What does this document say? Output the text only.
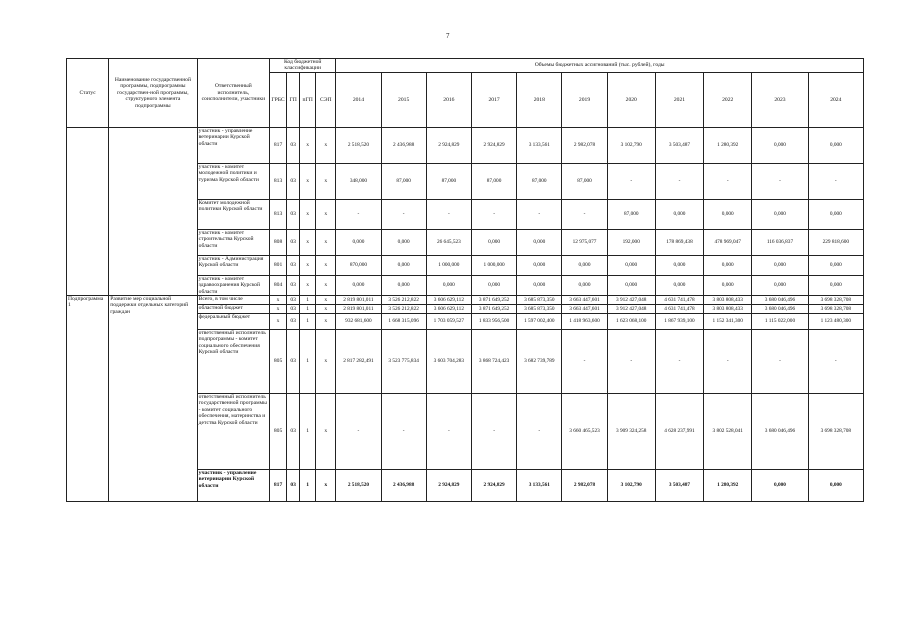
7
Статус	Наименование государственной программы, подпрограммы государствен-ной программы, структурного элемента подпрограммы	Ответственный исполнитель, соисполнители, участники	Код бюджетной классификации				Объемы бюджетных ассигнований (тыс. рублей), годы										
			ГРБС	ГП	пГП	СЭП	2014	2015	2016	2017	2018	2019	2020	2021	2022	2023	2024
		участник - управление ветеринарии Курской области	817	03	x	x	2 518,520	2 436,988	2 924,829	2 924,829	3 133,561	2 982,078	3 102,790	3 503,487	1 280,392	0,000	0,000
		участник - комитет молодежной политики и туризма Курской области	813	03	x	x	348,000	87,000	87,000	87,000	87,000	87,000	-	-	-	-	-
		Комитет молодежной политики Курской области	813	03	x	x	-	-	-	-	-	-	87,000	0,000	0,000	0,000	0,000
		участник - комитет строительства Курской области	808	03	x	x	0,000	0,000	26 645,523	0,000	0,000	12 975,077	192,000	178 869,438	478 969,047	116 036,837	229 818,600
		участник - Администрация Курской области	801	03	x	x	870,000	0,000	1 000,000	1 000,000	0,000	0,000	0,000	0,000	0,000	0,000	0,000
		участник - комитет здравоохранения Курской области	804	03	x	x	0,000	0,000	0,000	0,000	0,000	0,000	0,000	0,000	0,000	0,000	0,000
Подпрограмма 1	Развитие мер социальной поддержки отдельных категорий граждан	Всего, в том числе	x	03	1	x	2 819 801,011	3 526 212,822	3 606 629,112	3 871 649,252	3 685 873,350	3 663 447,601	3 912 427,048	4 631 741,478	3 803 808,433	3 680 046,496	3 698 328,708
		областной бюджет	x	03	1	x	2 819 801,011	3 526 212,822	3 606 629,112	3 871 649,252	3 685 873,350	3 663 447,601	3 912 427,048	4 631 741,478	3 803 808,433	3 680 046,496	3 698 328,708
		федеральный бюджет	x	03	1	x	932 681,600	1 668 315,096	1 703 059,527	1 833 956,500	1 597 002,400	1 418 963,600	1 623 068,100	1 867 939,100	1 152 341,300	1 115 022,000	1 123 480,300
		ответственный исполнитель подпрограммы - комитет социального обеспечения Курской области	805	03	1	x	2 817 282,491	3 523 775,834	3 603 704,283	3 868 724,423	3 682 739,789	-	-	-	-	-	-
		ответственный исполнитель государственной программы - комитет социального обеспечения, материнства и детства Курской области	805	03	1	x	-	-	-	-	-	3 660 465,523	3 909 324,258	4 628 237,991	3 802 528,041	3 680 046,496	3 698 328,708
		участник - управление ветеринарии Курской области	817	03	1	x	2 518,520	2 436,988	2 924,829	2 924,829	3 133,561	2 982,078	3 102,790	3 503,487	1 280,392	0,000	0,000
